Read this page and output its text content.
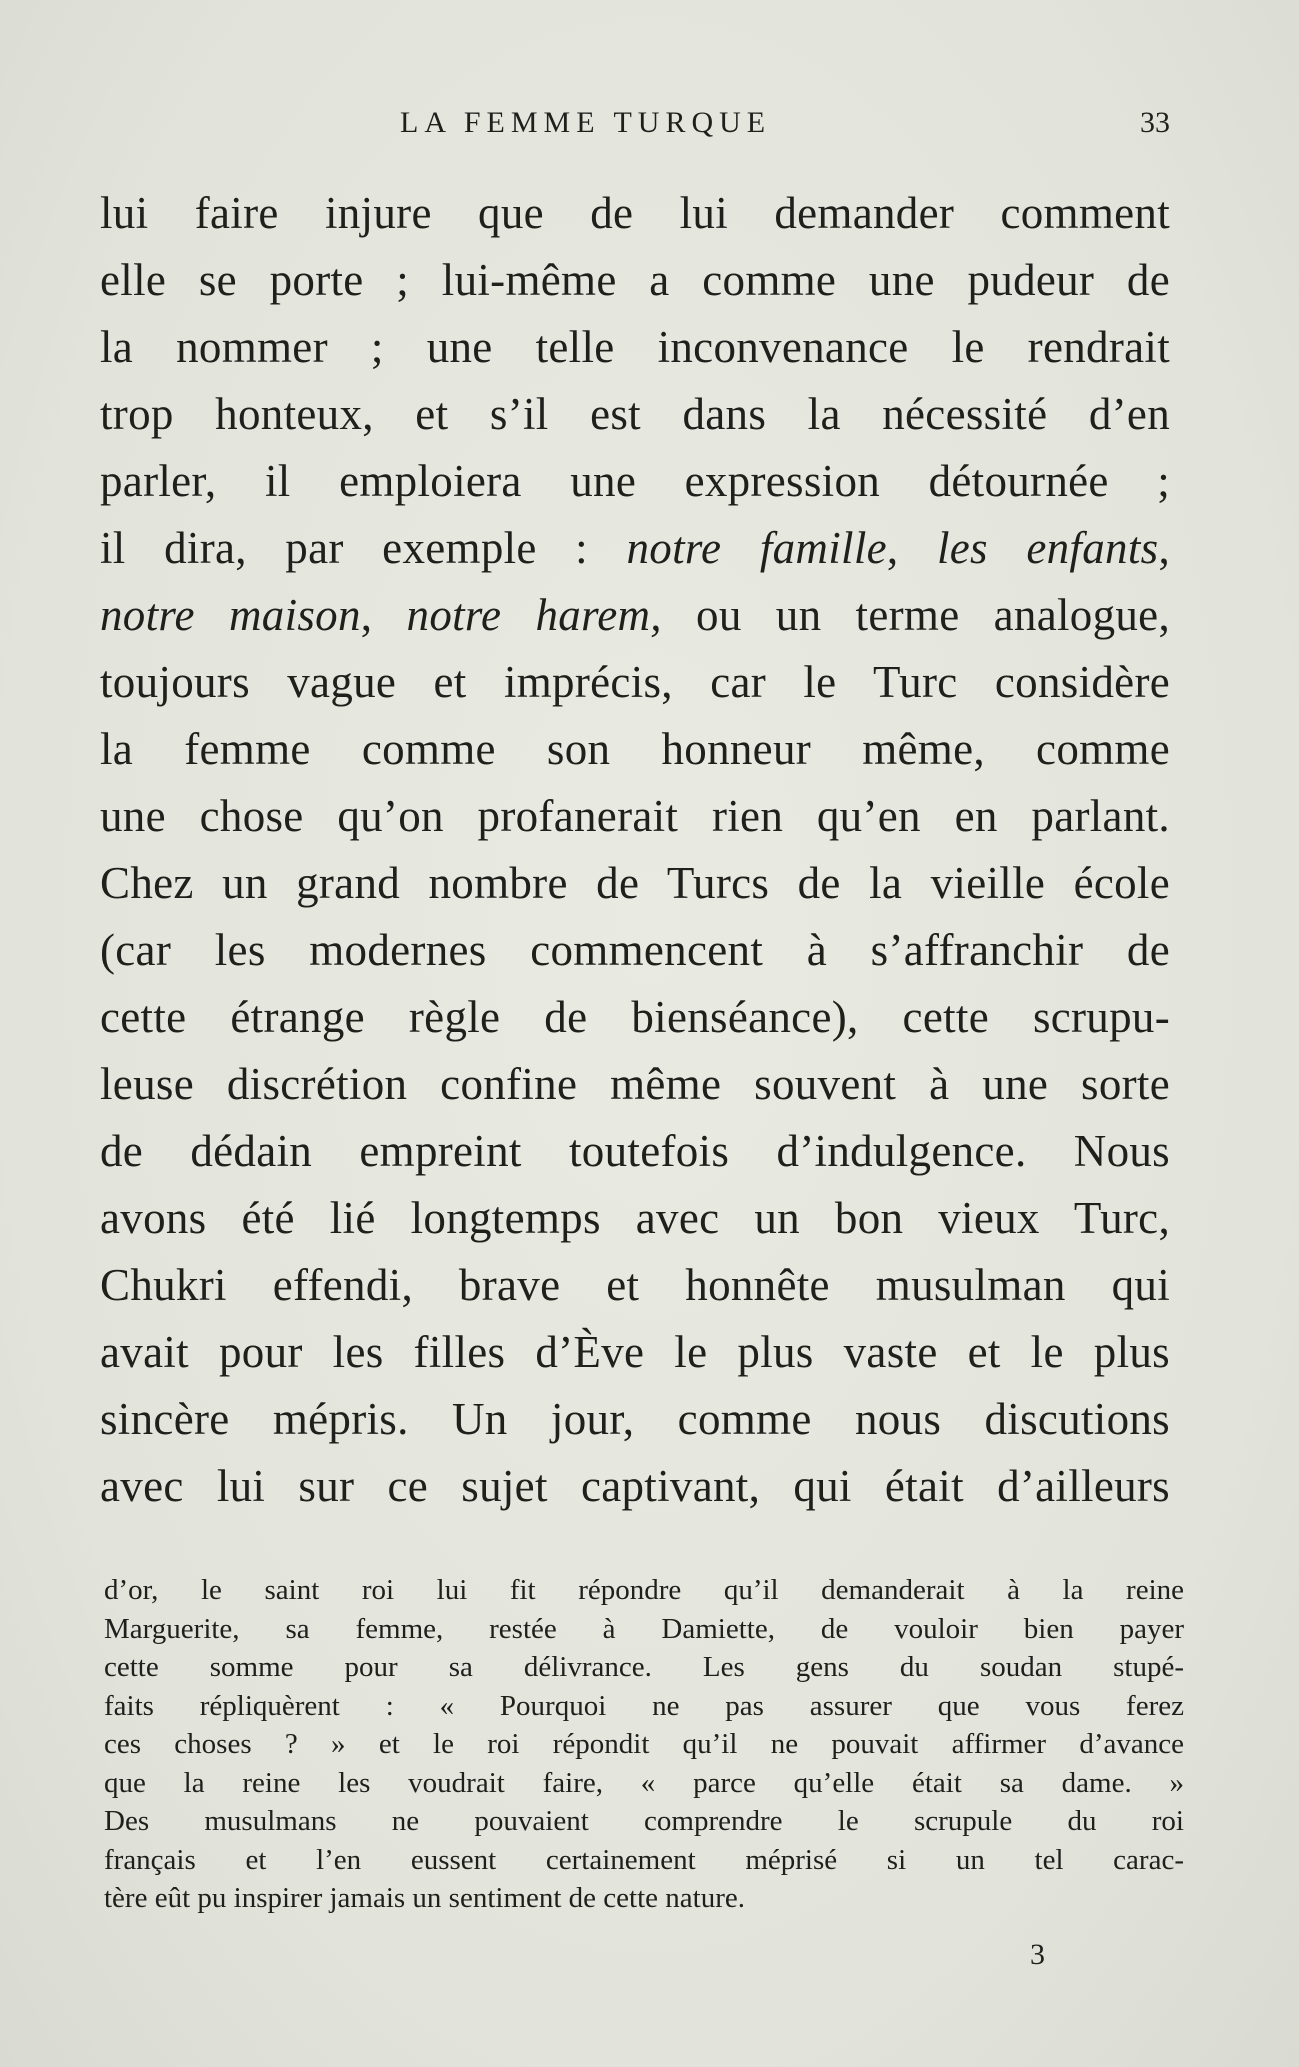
LA FEMME TURQUE	33
lui faire injure que de lui demander comment
elle se porte ; lui-même a comme une pudeur de
la nommer ; une telle inconvenance le rendrait
trop honteux, et s’il est dans la nécessité d’en
parler, il emploiera une expression détournée ;
il dira, par exemple : notre famille, les enfants,
notre maison, notre harem, ou un terme analogue,
toujours vague et imprécis, car le Turc considère
la femme comme son honneur même, comme
une chose qu’on profanerait rien qu’en en parlant.
Chez un grand nombre de Turcs de la vieille école
(car les modernes commencent à s’affranchir de
cette étrange règle de bienséance), cette scrupu-
leuse discrétion confine même souvent à une sorte
de dédain empreint toutefois d’indulgence. Nous
avons été lié longtemps avec un bon vieux Turc,
Chukri effendi, brave et honnête musulman qui
avait pour les filles d’Ève le plus vaste et le plus
sincère mépris. Un jour, comme nous discutions
avec lui sur ce sujet captivant, qui était d’ailleurs
d’or, le saint roi lui fit répondre qu’il demanderait à la reine
Marguerite, sa femme, restée à Damiette, de vouloir bien payer
cette somme pour sa délivrance. Les gens du soudan stupé-
faits répliquèrent : « Pourquoi ne pas assurer que vous ferez
ces choses ? » et le roi répondit qu’il ne pouvait affirmer d’avance
que la reine les voudrait faire, « parce qu’elle était sa dame. »
Des musulmans ne pouvaient comprendre le scrupule du roi
français et l’en eussent certainement méprisé si un tel carac-
tère eût pu inspirer jamais un sentiment de cette nature.
3
